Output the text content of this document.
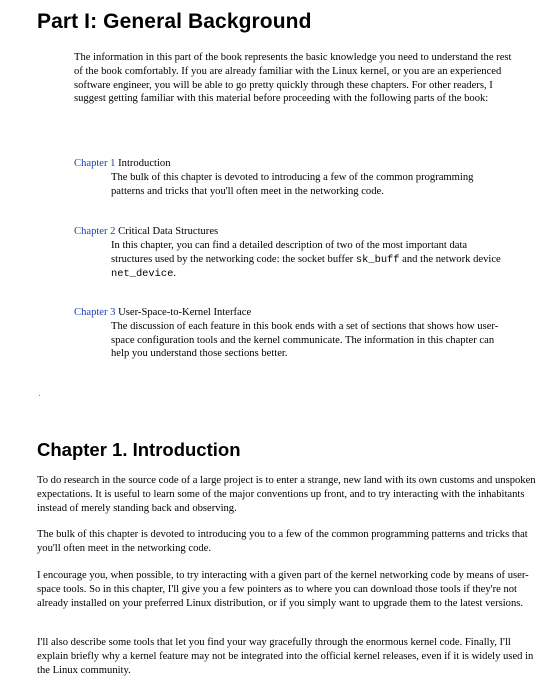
Part I: General Background

The information in this part of the book represents the basic knowledge you need to understand the rest of the book comfortably. If you are already familiar with the Linux kernel, or you are an experienced software engineer, you will be able to go pretty quickly through these chapters. For other readers, I suggest getting familiar with this material before proceeding with the following parts of the book:

Chapter 1 Introduction

The bulk of this chapter is devoted to introducing a few of the common programming patterns and tricks that you'll often meet in the networking code.

Chapter 2 Critical Data Structures

In this chapter, you can find a detailed description of two of the most important data structures used by the networking code: the socket buffer sk_buff and the network device net_device.

Chapter 3 User-Space-to-Kernel Interface

The discussion of each feature in this book ends with a set of sections that shows how user-space configuration tools and the kernel communicate. The information in this chapter can help you understand those sections better.

Chapter 1. Introduction

To do research in the source code of a large project is to enter a strange, new land with its own customs and unspoken expectations. It is useful to learn some of the major conventions up front, and to try interacting with the inhabitants instead of merely standing back and observing.

The bulk of this chapter is devoted to introducing you to a few of the common programming patterns and tricks that you'll often meet in the networking code.

I encourage you, when possible, to try interacting with a given part of the kernel networking code by means of user-space tools. So in this chapter, I'll give you a few pointers as to where you can download those tools if they're not already installed on your preferred Linux distribution, or if you simply want to upgrade them to the latest versions.

I'll also describe some tools that let you find your way gracefully through the enormous kernel code. Finally, I'll explain briefly why a kernel feature may not be integrated into the official kernel releases, even if it is widely used in the Linux community.
